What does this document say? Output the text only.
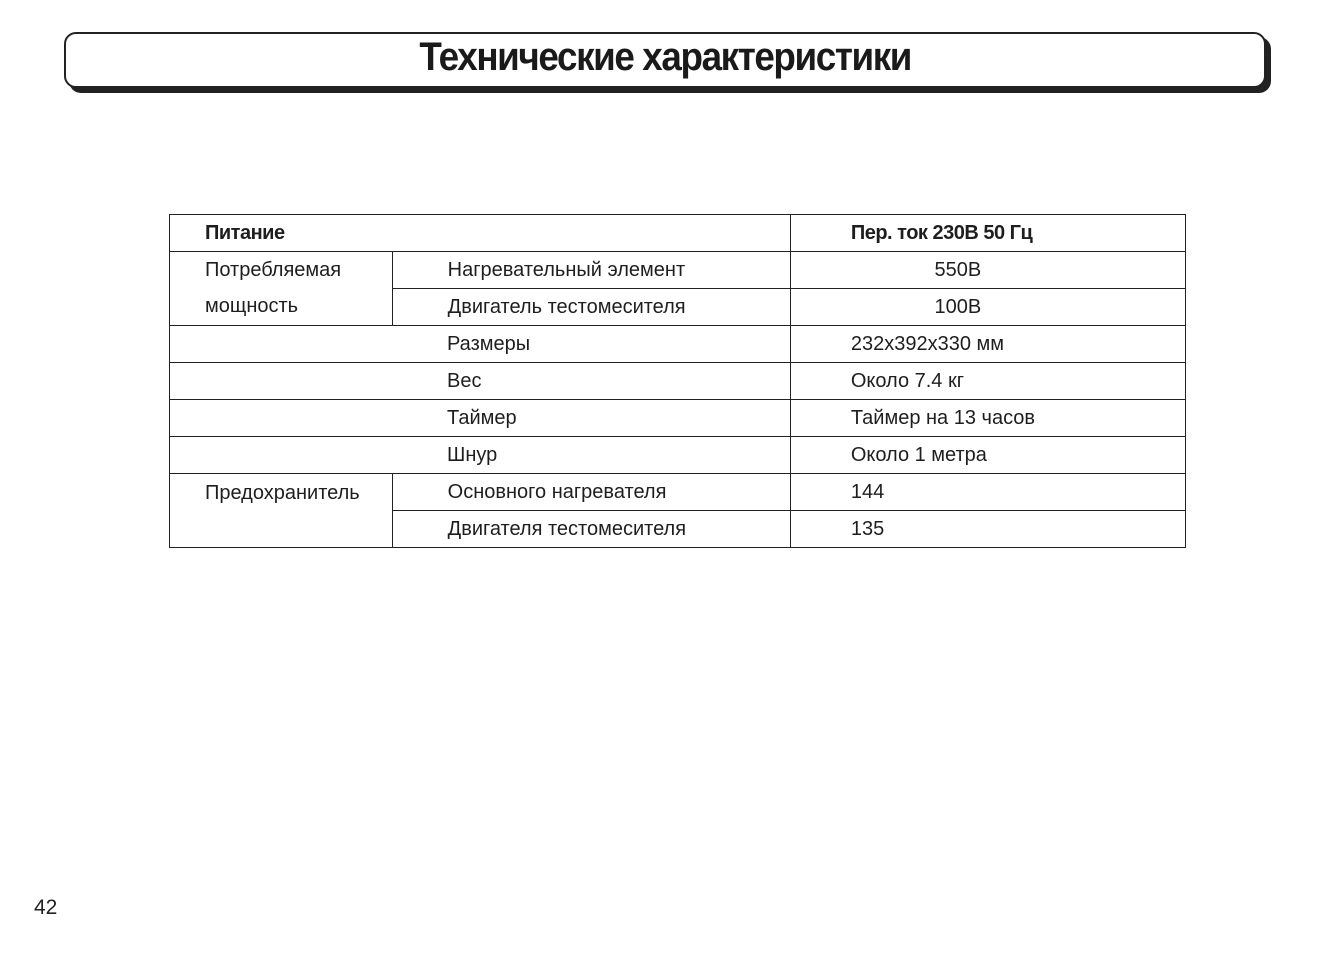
Технические характеристики
Питание		Пер. ток 230В 50 Гц
Потребляемая	Нагревательный элемент	550В
мощность	Двигатель тестомесителя	100В
Размеры		232x392x330 мм
Вес		Около 7.4 кг
Таймер		Таймер на 13 часов
Шнур		Около 1 метра
Предохранитель	Основного нагревателя	144
	Двигателя тестомесителя	135
42
